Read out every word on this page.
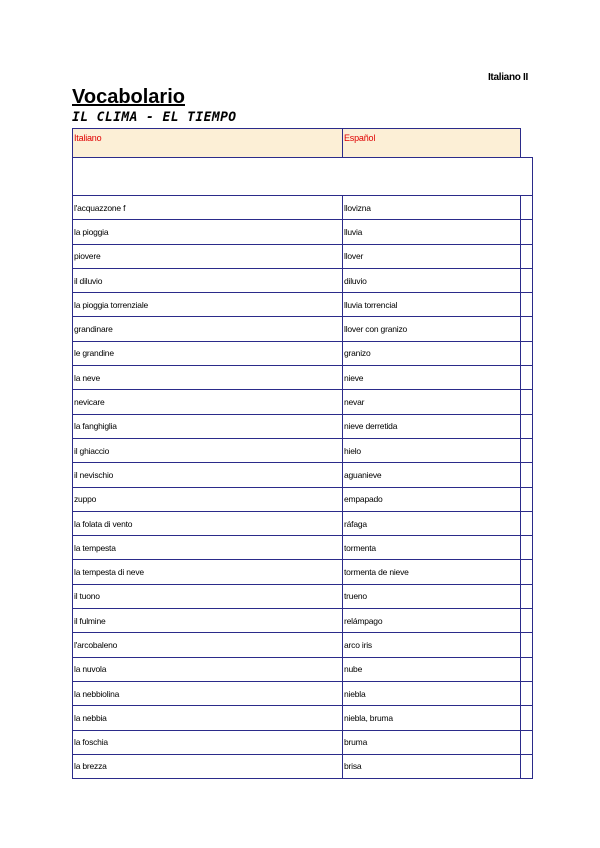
Italiano II
Vocabolario
IL CLIMA - EL TIEMPO
Italiano	Español	

l'acquazzone f	llovizna	
la pioggia	lluvia	
piovere	llover	
il diluvio	diluvio	
la pioggia torrenziale	lluvia torrencial	
grandinare	llover con granizo	
le grandine	granizo	
la neve	nieve	
nevicare	nevar	
la fanghiglia	nieve derretida	
il ghiaccio	hielo	
il nevischio	aguanieve	
zuppo	empapado	
la folata di vento	ráfaga	
la tempesta	tormenta	
la tempesta di neve	tormenta de nieve	
il tuono	trueno	
il fulmine	relámpago	
l'arcobaleno	arco iris	
la nuvola	nube	
la nebbiolina	niebla	
la nebbia	niebla, bruma	
la foschia	bruma	
la brezza	brisa	
